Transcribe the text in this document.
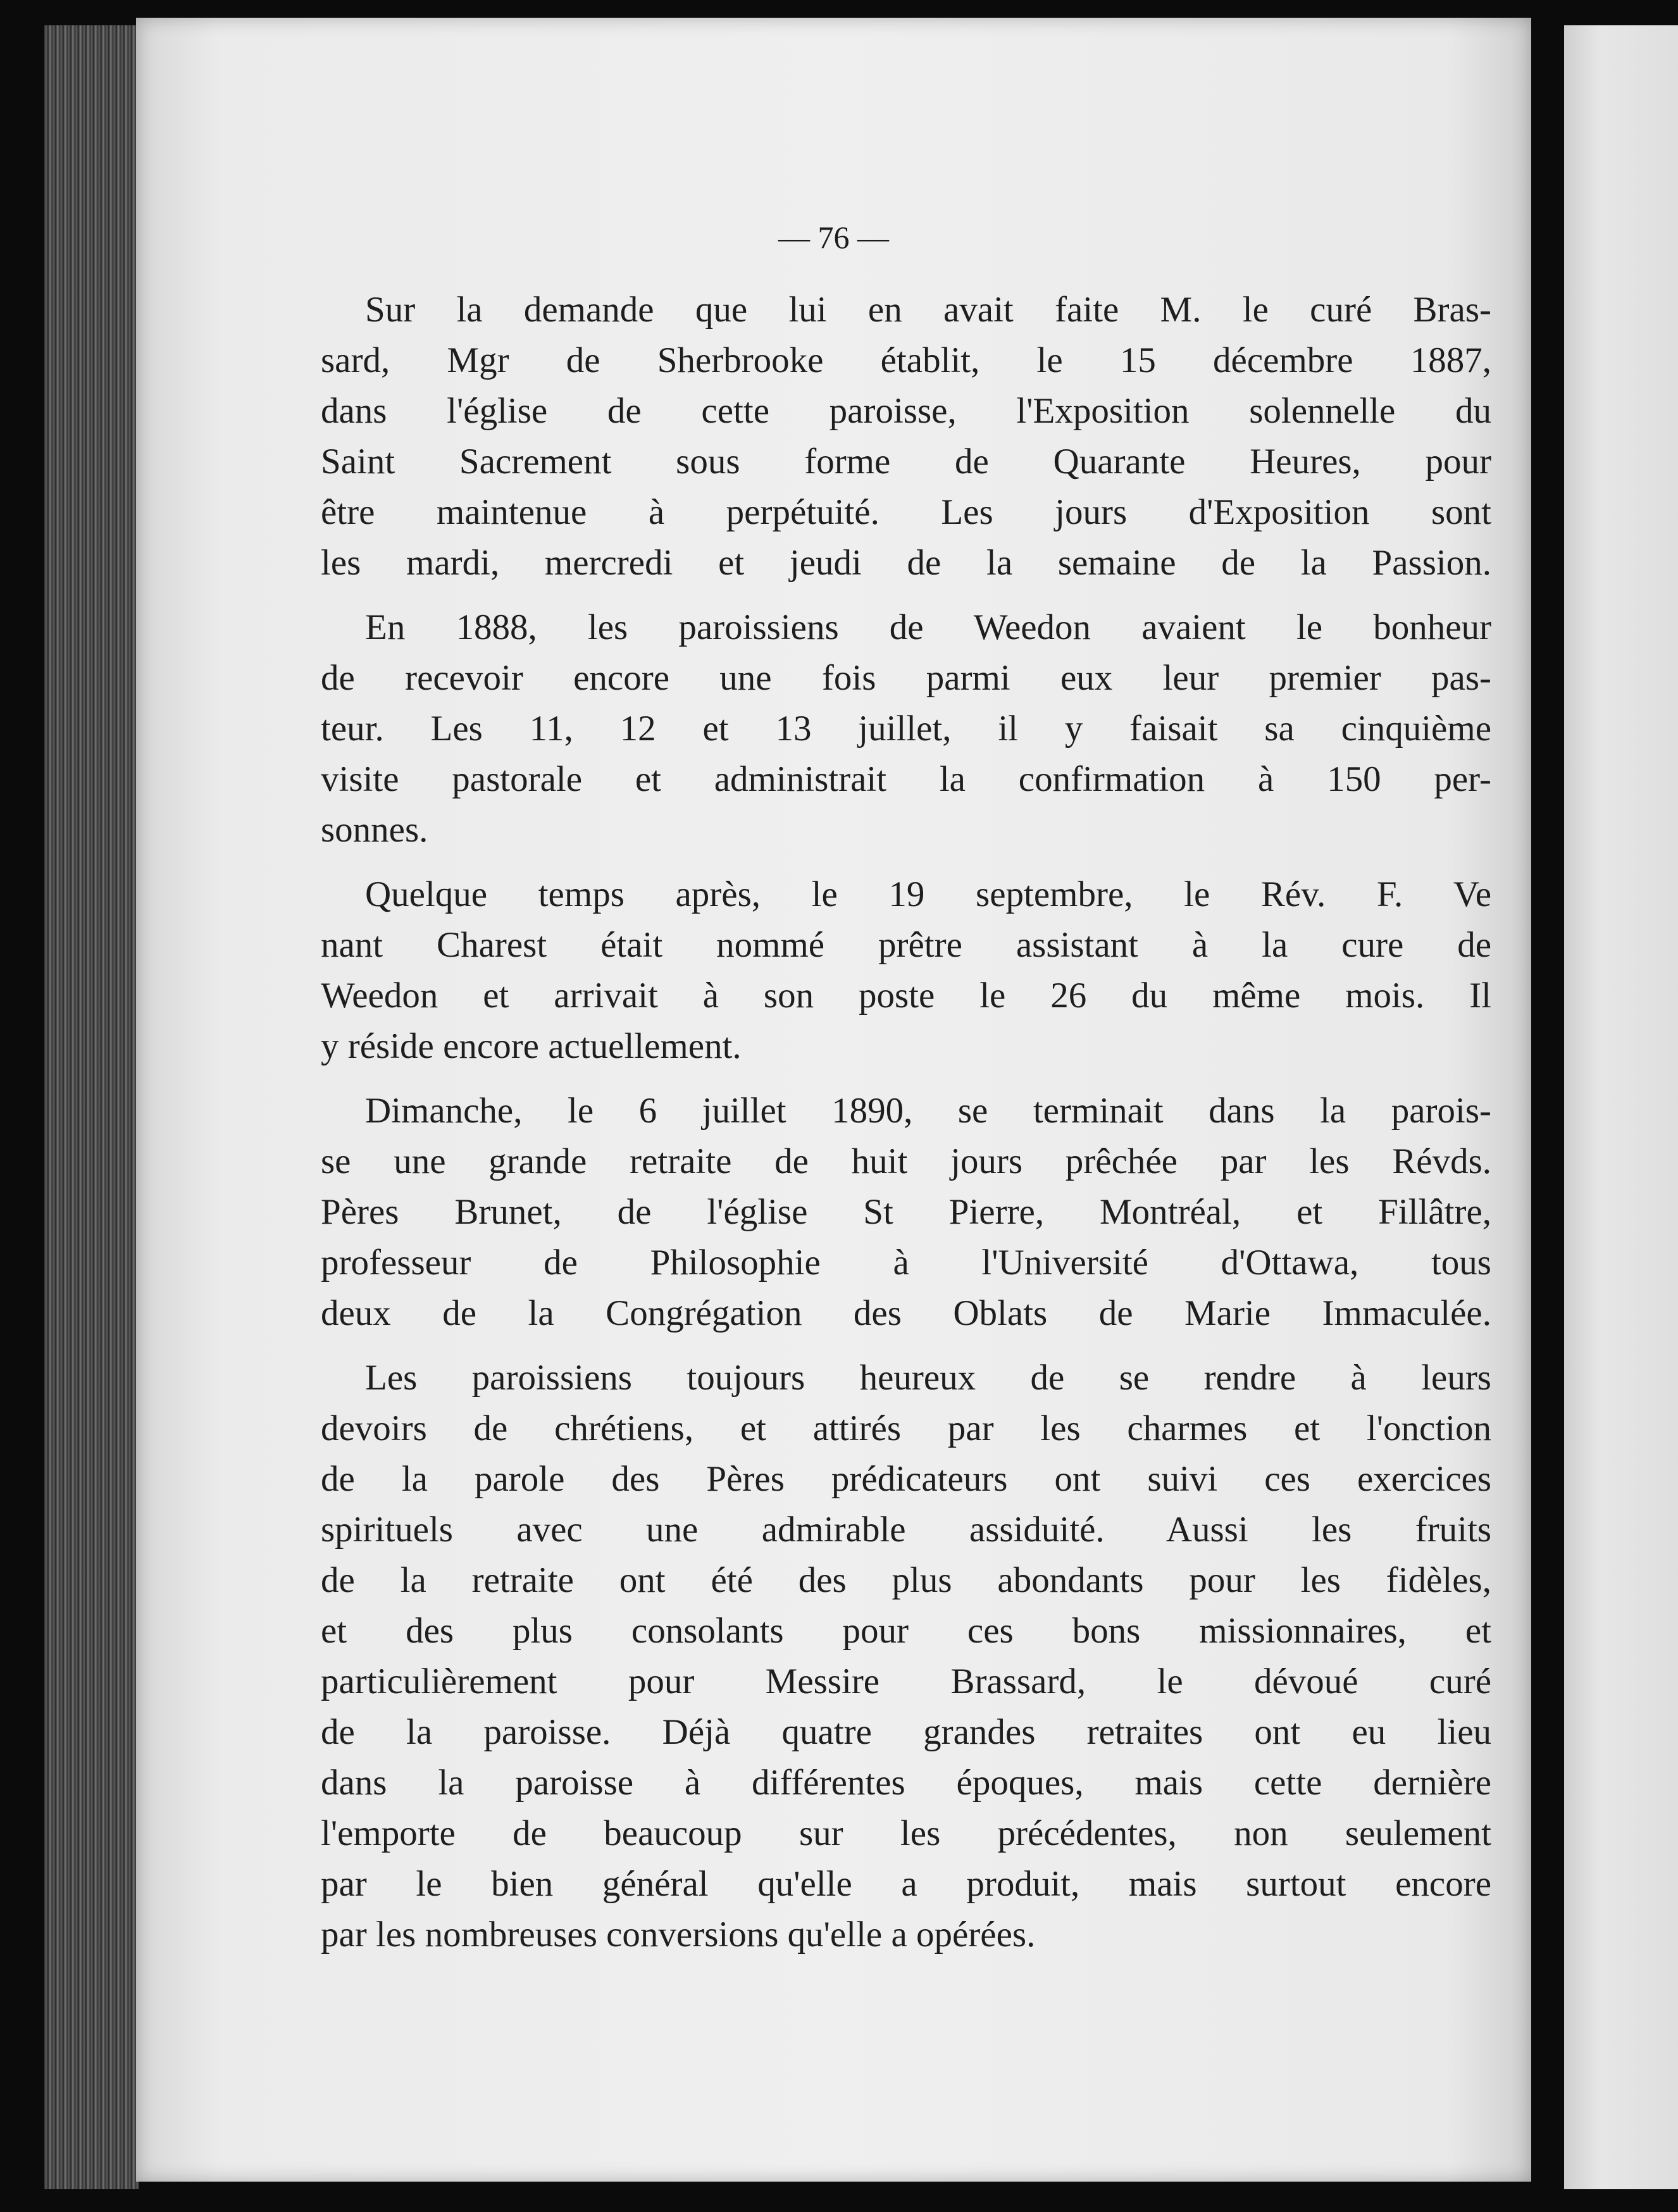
— 76 —

Sur la demande que lui en avait faite M. le curé Bras-
sard, Mgr de Sherbrooke établit, le 15 décembre 1887,
dans l'église de cette paroisse, l'Exposition solennelle du
Saint Sacrement sous forme de Quarante Heures, pour
être maintenue à perpétuité. Les jours d'Exposition sont
les mardi, mercredi et jeudi de la semaine de la Passion.

En 1888, les paroissiens de Weedon avaient le bonheur
de recevoir encore une fois parmi eux leur premier pas-
teur. Les 11, 12 et 13 juillet, il y faisait sa cinquième
visite pastorale et administrait la confirmation à 150 per-
sonnes.

Quelque temps après, le 19 septembre, le Rév. F. Ve
nant Charest était nommé prêtre assistant à la cure de
Weedon et arrivait à son poste le 26 du même mois. Il
y réside encore actuellement.

Dimanche, le 6 juillet 1890, se terminait dans la parois-
se une grande retraite de huit jours prêchée par les Révds.
Pères Brunet, de l'église St Pierre, Montréal, et Fillâtre,
professeur de Philosophie à l'Université d'Ottawa, tous
deux de la Congrégation des Oblats de Marie Immaculée.

Les paroissiens toujours heureux de se rendre à leurs
devoirs de chrétiens, et attirés par les charmes et l'onction
de la parole des Pères prédicateurs ont suivi ces exercices
spirituels avec une admirable assiduité. Aussi les fruits
de la retraite ont été des plus abondants pour les fidèles,
et des plus consolants pour ces bons missionnaires, et
particulièrement pour Messire Brassard, le dévoué curé
de la paroisse. Déjà quatre grandes retraites ont eu lieu
dans la paroisse à différentes époques, mais cette dernière
l'emporte de beaucoup sur les précédentes, non seulement
par le bien général qu'elle a produit, mais surtout encore
par les nombreuses conversions qu'elle a opérées.
